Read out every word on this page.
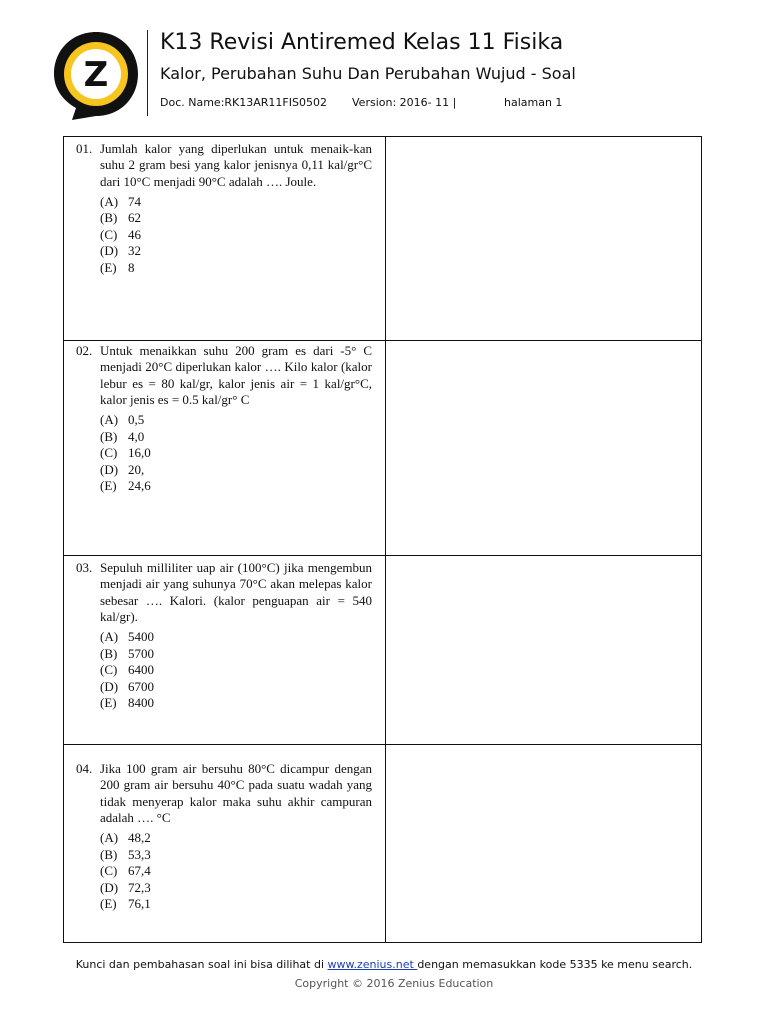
Z
K13 Revisi Antiremed Kelas 11 Fisika
Kalor, Perubahan Suhu Dan Perubahan Wujud - Soal
Doc. Name:RK13AR11FIS0502 Version: 2016- 11 |	halaman 1
01. Jumlah kalor yang diperlukan untuk menaik-kan suhu 2 gram besi yang kalor jenisnya 0,11 kal/gr°C dari 10°C menjadi 90°C adalah …. Joule.
(A) 74
(B) 62
(C) 46
(D) 32
(E) 8
02. Untuk menaikkan suhu 200 gram es dari -5° C menjadi 20°C diperlukan kalor …. Kilo kalor (kalor lebur es = 80 kal/gr, kalor jenis air = 1 kal/gr°C, kalor jenis es = 0.5 kal/gr° C
(A) 0,5
(B) 4,0
(C) 16,0
(D) 20,
(E) 24,6
03. Sepuluh milliliter uap air (100°C) jika mengembun menjadi air yang suhunya 70°C akan melepas kalor sebesar …. Kalori. (kalor penguapan air = 540 kal/gr).
(A) 5400
(B) 5700
(C) 6400
(D) 6700
(E) 8400
04. Jika 100 gram air bersuhu 80°C dicampur dengan 200 gram air bersuhu 40°C pada suatu wadah yang tidak menyerap kalor maka suhu akhir campuran adalah …. °C
(A) 48,2
(B) 53,3
(C) 67,4
(D) 72,3
(E) 76,1
Kunci dan pembahasan soal ini bisa dilihat di www.zenius.net dengan memasukkan kode 5335 ke menu search.
Copyright © 2016 Zenius Education
